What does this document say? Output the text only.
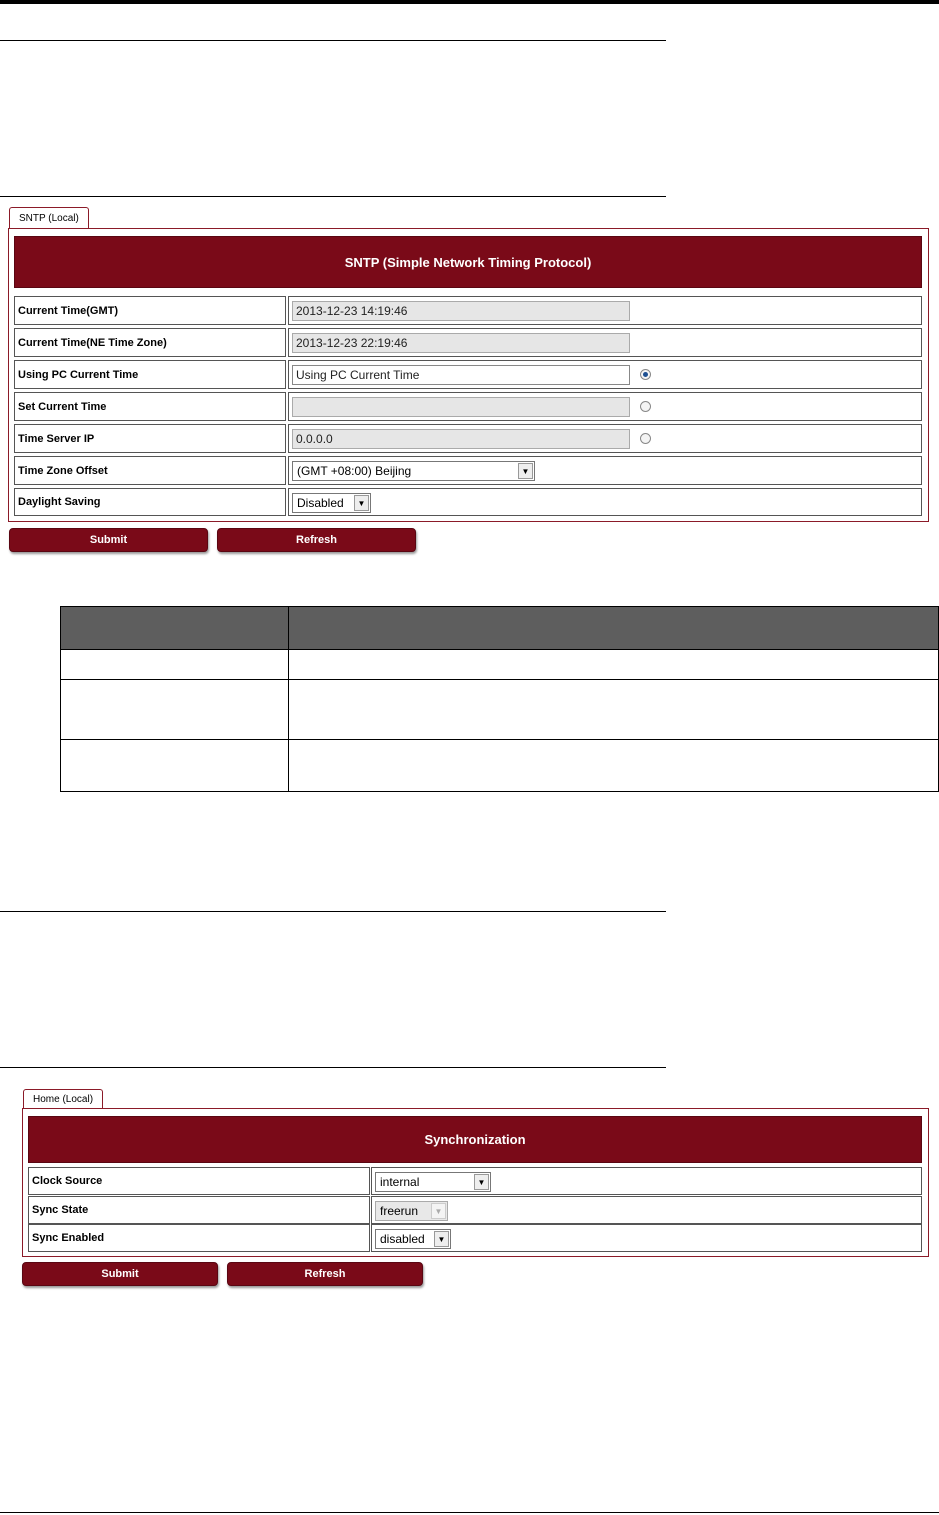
SNTP (Local)
SNTP (Simple Network Timing Protocol)
Current Time(GMT)	2013-12-23 14:19:46
Current Time(NE Time Zone)	2013-12-23 22:19:46
Using PC Current Time	Using PC Current Time
Set Current Time
Time Server IP	0.0.0.0
Time Zone Offset	(GMT +08:00) Beijing	▼
Daylight Saving	Disabled	▼
Submit	Refresh

Home (Local)
Synchronization
Clock Source	internal	▼
Sync State	freerun	▼
Sync Enabled	disabled	▼
Submit	Refresh
